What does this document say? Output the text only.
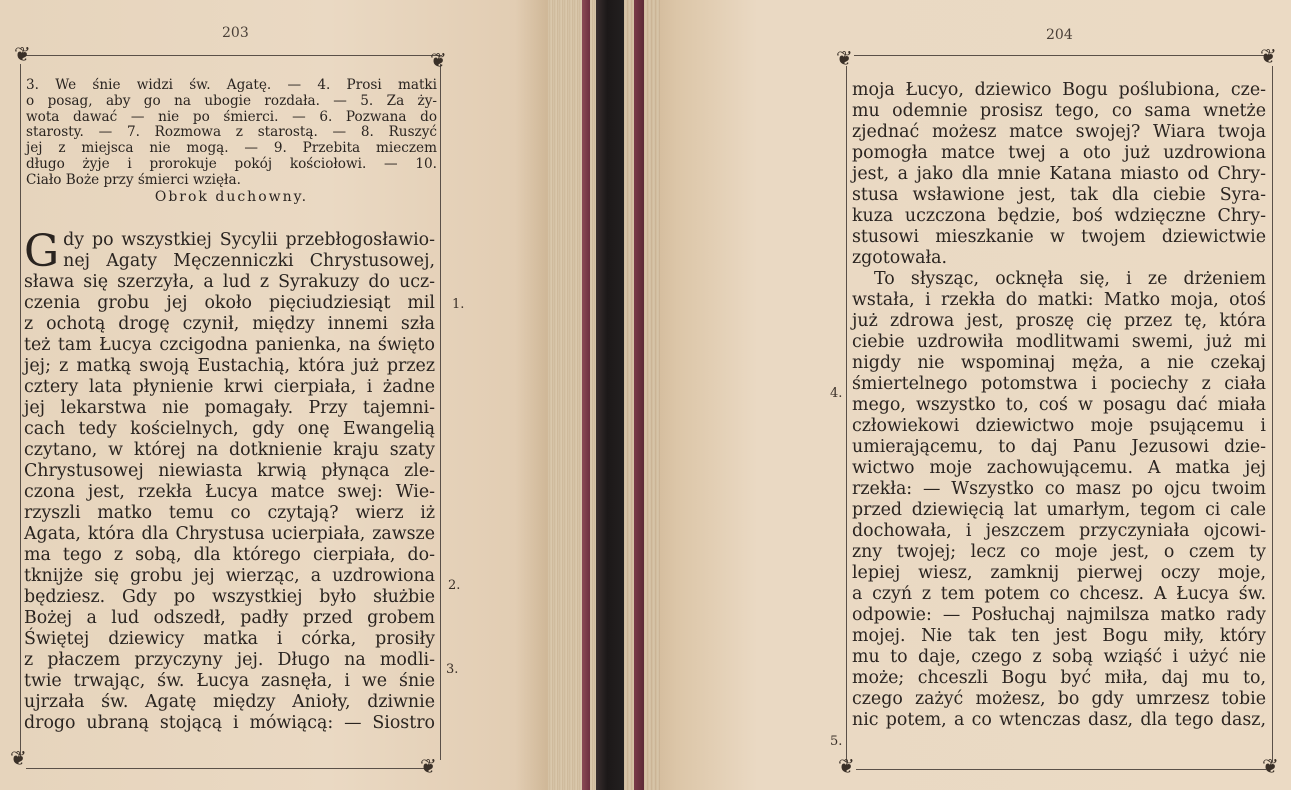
203
❦	❦
❦	❦
3. We śnie widzi św. Agatę. — 4. Prosi matki
o posag, aby go na ubogie rozdała. — 5. Za ży-
wota dawać — nie po śmierci. — 6. Pozwana do
starosty. — 7. Rozmowa z starostą. — 8. Ruszyć
jej z miejsca nie mogą. — 9. Przebita mieczem
długo żyje i prorokuje pokój kościołowi. — 10.
Ciało Boże przy śmierci wzięła.
Obrok duchowny.
G dy po wszystkiej Sycylii przebłogosławio-
nej Agaty Męczenniczki Chrystusowej,
sława się szerzyła, a lud z Syrakuzy do ucz-
czenia grobu jej około pięciudziesiąt mil
z ochotą drogę czynił, między innemi szła
też tam Łucya czcigodna panienka, na święto
jej; z matką swoją Eustachią, która już przez
cztery lata płynienie krwi cierpiała, i żadne
jej lekarstwa nie pomagały. Przy tajemni-
cach tedy kościelnych, gdy onę Ewangelią
czytano, w której na dotknienie kraju szaty
Chrystusowej niewiasta krwią płynąca zle-
czona jest, rzekła Łucya matce swej: Wie-
rzyszli matko temu co czytają? wierz iż
Agata, która dla Chrystusa ucierpiała, zawsze
ma tego z sobą, dla którego cierpiała, do-
tknijże się grobu jej wierząc, a uzdrowiona
będziesz. Gdy po wszystkiej było służbie
Bożej a lud odszedł, padły przed grobem
Świętej dziewicy matka i córka, prosiły
z płaczem przyczyny jej. Długo na modli-
twie trwając, św. Łucya zasnęła, i we śnie
ujrzała św. Agatę między Anioły, dziwnie
drogo ubraną stojącą i mówiącą: — Siostro
1.
2.
3.
204
❦	❦
❦	❦
moja Łucyo, dziewico Bogu poślubiona, cze-
mu odemnie prosisz tego, co sama wnetże
zjednać możesz matce swojej? Wiara twoja
pomogła matce twej a oto już uzdrowiona
jest, a jako dla mnie Katana miasto od Chry-
stusa wsławione jest, tak dla ciebie Syra-
kuza uczczona będzie, boś wdzięczne Chry-
stusowi mieszkanie w twojem dziewictwie
zgotowała.
To słysząc, ocknęła się, i ze drżeniem
wstała, i rzekła do matki: Matko moja, otoś
już zdrowa jest, proszę cię przez tę, która
ciebie uzdrowiła modlitwami swemi, już mi
nigdy nie wspominaj męża, a nie czekaj
śmiertelnego potomstwa i pociechy z ciała
mego, wszystko to, coś w posagu dać miała
człowiekowi dziewictwo moje psującemu i
umierającemu, to daj Panu Jezusowi dzie-
wictwo moje zachowującemu. A matka jej
rzekła: — Wszystko co masz po ojcu twoim
przed dziewięcią lat umarłym, tegom ci cale
dochowała, i jeszczem przyczyniała ojcowi-
zny twojej; lecz co moje jest, o czem ty
lepiej wiesz, zamknij pierwej oczy moje,
a czyń z tem potem co chcesz. A Łucya św.
odpowie: — Posłuchaj najmilsza matko rady
mojej. Nie tak ten jest Bogu miły, który
mu to daje, czego z sobą wziąść i użyć nie
może; chceszli Bogu być miła, daj mu to,
czego zażyć możesz, bo gdy umrzesz tobie
nic potem, a co wtenczas dasz, dla tego dasz,
4.
5.
